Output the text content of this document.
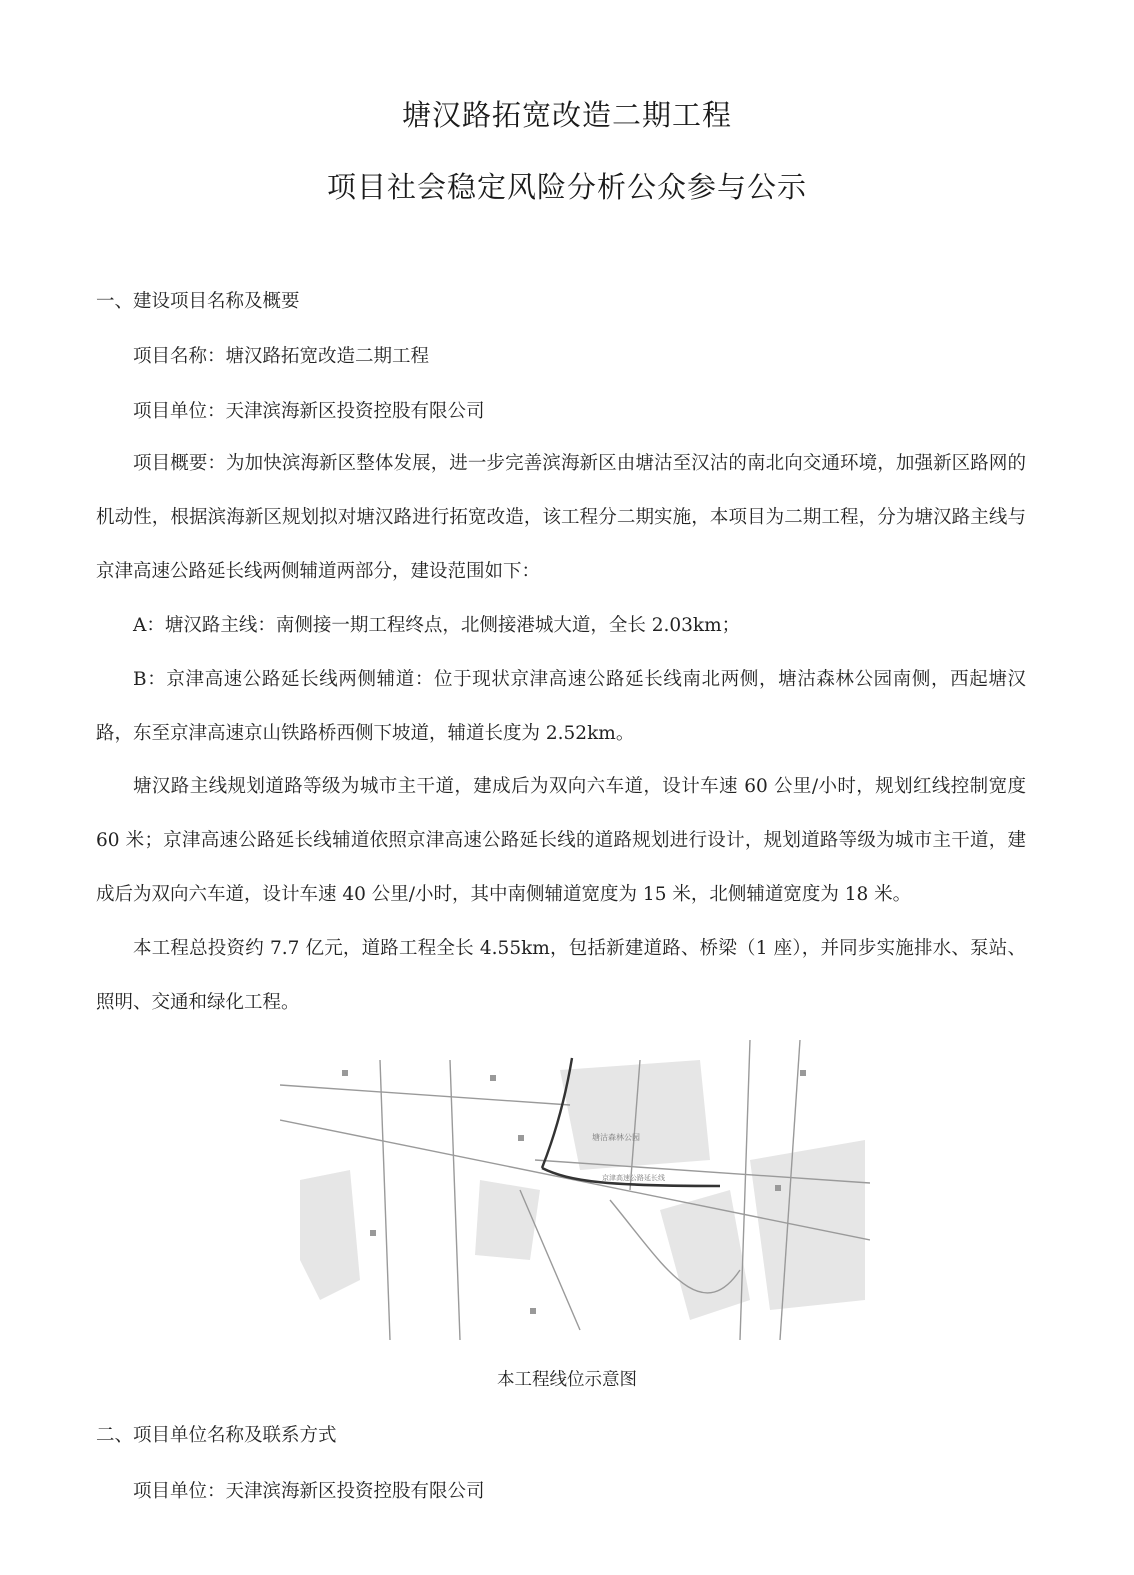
塘汉路拓宽改造二期工程
项目社会稳定风险分析公众参与公示
一、建设项目名称及概要
项目名称：塘汉路拓宽改造二期工程
项目单位：天津滨海新区投资控股有限公司
项目概要：为加快滨海新区整体发展，进一步完善滨海新区由塘沽至汉沽的南北向交通环境，加强新区路网的机动性，根据滨海新区规划拟对塘汉路进行拓宽改造，该工程分二期实施，本项目为二期工程，分为塘汉路主线与京津高速公路延长线两侧辅道两部分，建设范围如下：
A：塘汉路主线：南侧接一期工程终点，北侧接港城大道，全长 2.03km；
B：京津高速公路延长线两侧辅道：位于现状京津高速公路延长线南北两侧，塘沽森林公园南侧，西起塘汉路，东至京津高速京山铁路桥西侧下坡道，辅道长度为 2.52km。
塘汉路主线规划道路等级为城市主干道，建成后为双向六车道，设计车速 60 公里/小时，规划红线控制宽度 60 米；京津高速公路延长线辅道依照京津高速公路延长线的道路规划进行设计，规划道路等级为城市主干道，建成后为双向六车道，设计车速 40 公里/小时，其中南侧辅道宽度为 15 米，北侧辅道宽度为 18 米。
本工程总投资约 7.7 亿元，道路工程全长 4.55km，包括新建道路、桥梁（1 座），并同步实施排水、泵站、照明、交通和绿化工程。
塘沽森林公园
京津高速公路延长线
本工程线位示意图
二、项目单位名称及联系方式
项目单位：天津滨海新区投资控股有限公司
